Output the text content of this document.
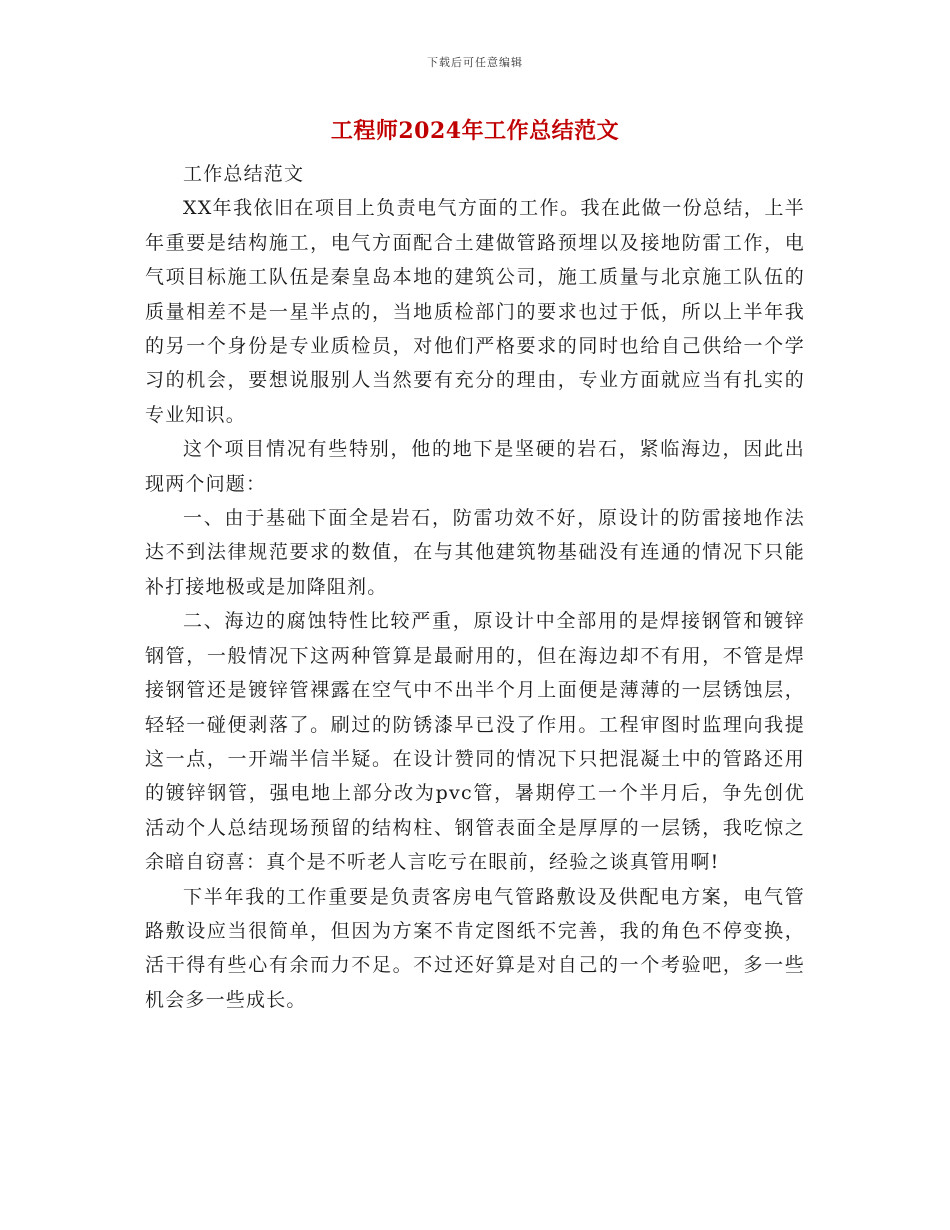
下载后可任意编辑
工程师2024年工作总结范文

工作总结范文

XX年我依旧在项目上负责电气方面的工作。我在此做一份总结，上半年重要是结构施工，电气方面配合土建做管路预埋以及接地防雷工作，电气项目标施工队伍是秦皇岛本地的建筑公司，施工质量与北京施工队伍的质量相差不是一星半点的，当地质检部门的要求也过于低，所以上半年我的另一个身份是专业质检员，对他们严格要求的同时也给自己供给一个学习的机会，要想说服别人当然要有充分的理由，专业方面就应当有扎实的专业知识。

这个项目情况有些特别，他的地下是坚硬的岩石，紧临海边，因此出现两个问题：

一、由于基础下面全是岩石，防雷功效不好，原设计的防雷接地作法达不到法律规范要求的数值，在与其他建筑物基础没有连通的情况下只能补打接地极或是加降阻剂。

二、海边的腐蚀特性比较严重，原设计中全部用的是焊接钢管和镀锌钢管，一般情况下这两种管算是最耐用的，但在海边却不有用，不管是焊接钢管还是镀锌管裸露在空气中不出半个月上面便是薄薄的一层锈蚀层，轻轻一碰便剥落了。刷过的防锈漆早已没了作用。工程审图时监理向我提这一点，一开端半信半疑。在设计赞同的情况下只把混凝土中的管路还用的镀锌钢管，强电地上部分改为pvc管，暑期停工一个半月后，争先创优活动个人总结现场预留的结构柱、钢管表面全是厚厚的一层锈，我吃惊之余暗自窃喜：真个是不听老人言吃亏在眼前，经验之谈真管用啊!

下半年我的工作重要是负责客房电气管路敷设及供配电方案，电气管路敷设应当很简单，但因为方案不肯定图纸不完善，我的角色不停变换，活干得有些心有余而力不足。不过还好算是对自己的一个考验吧，多一些机会多一些成长。
